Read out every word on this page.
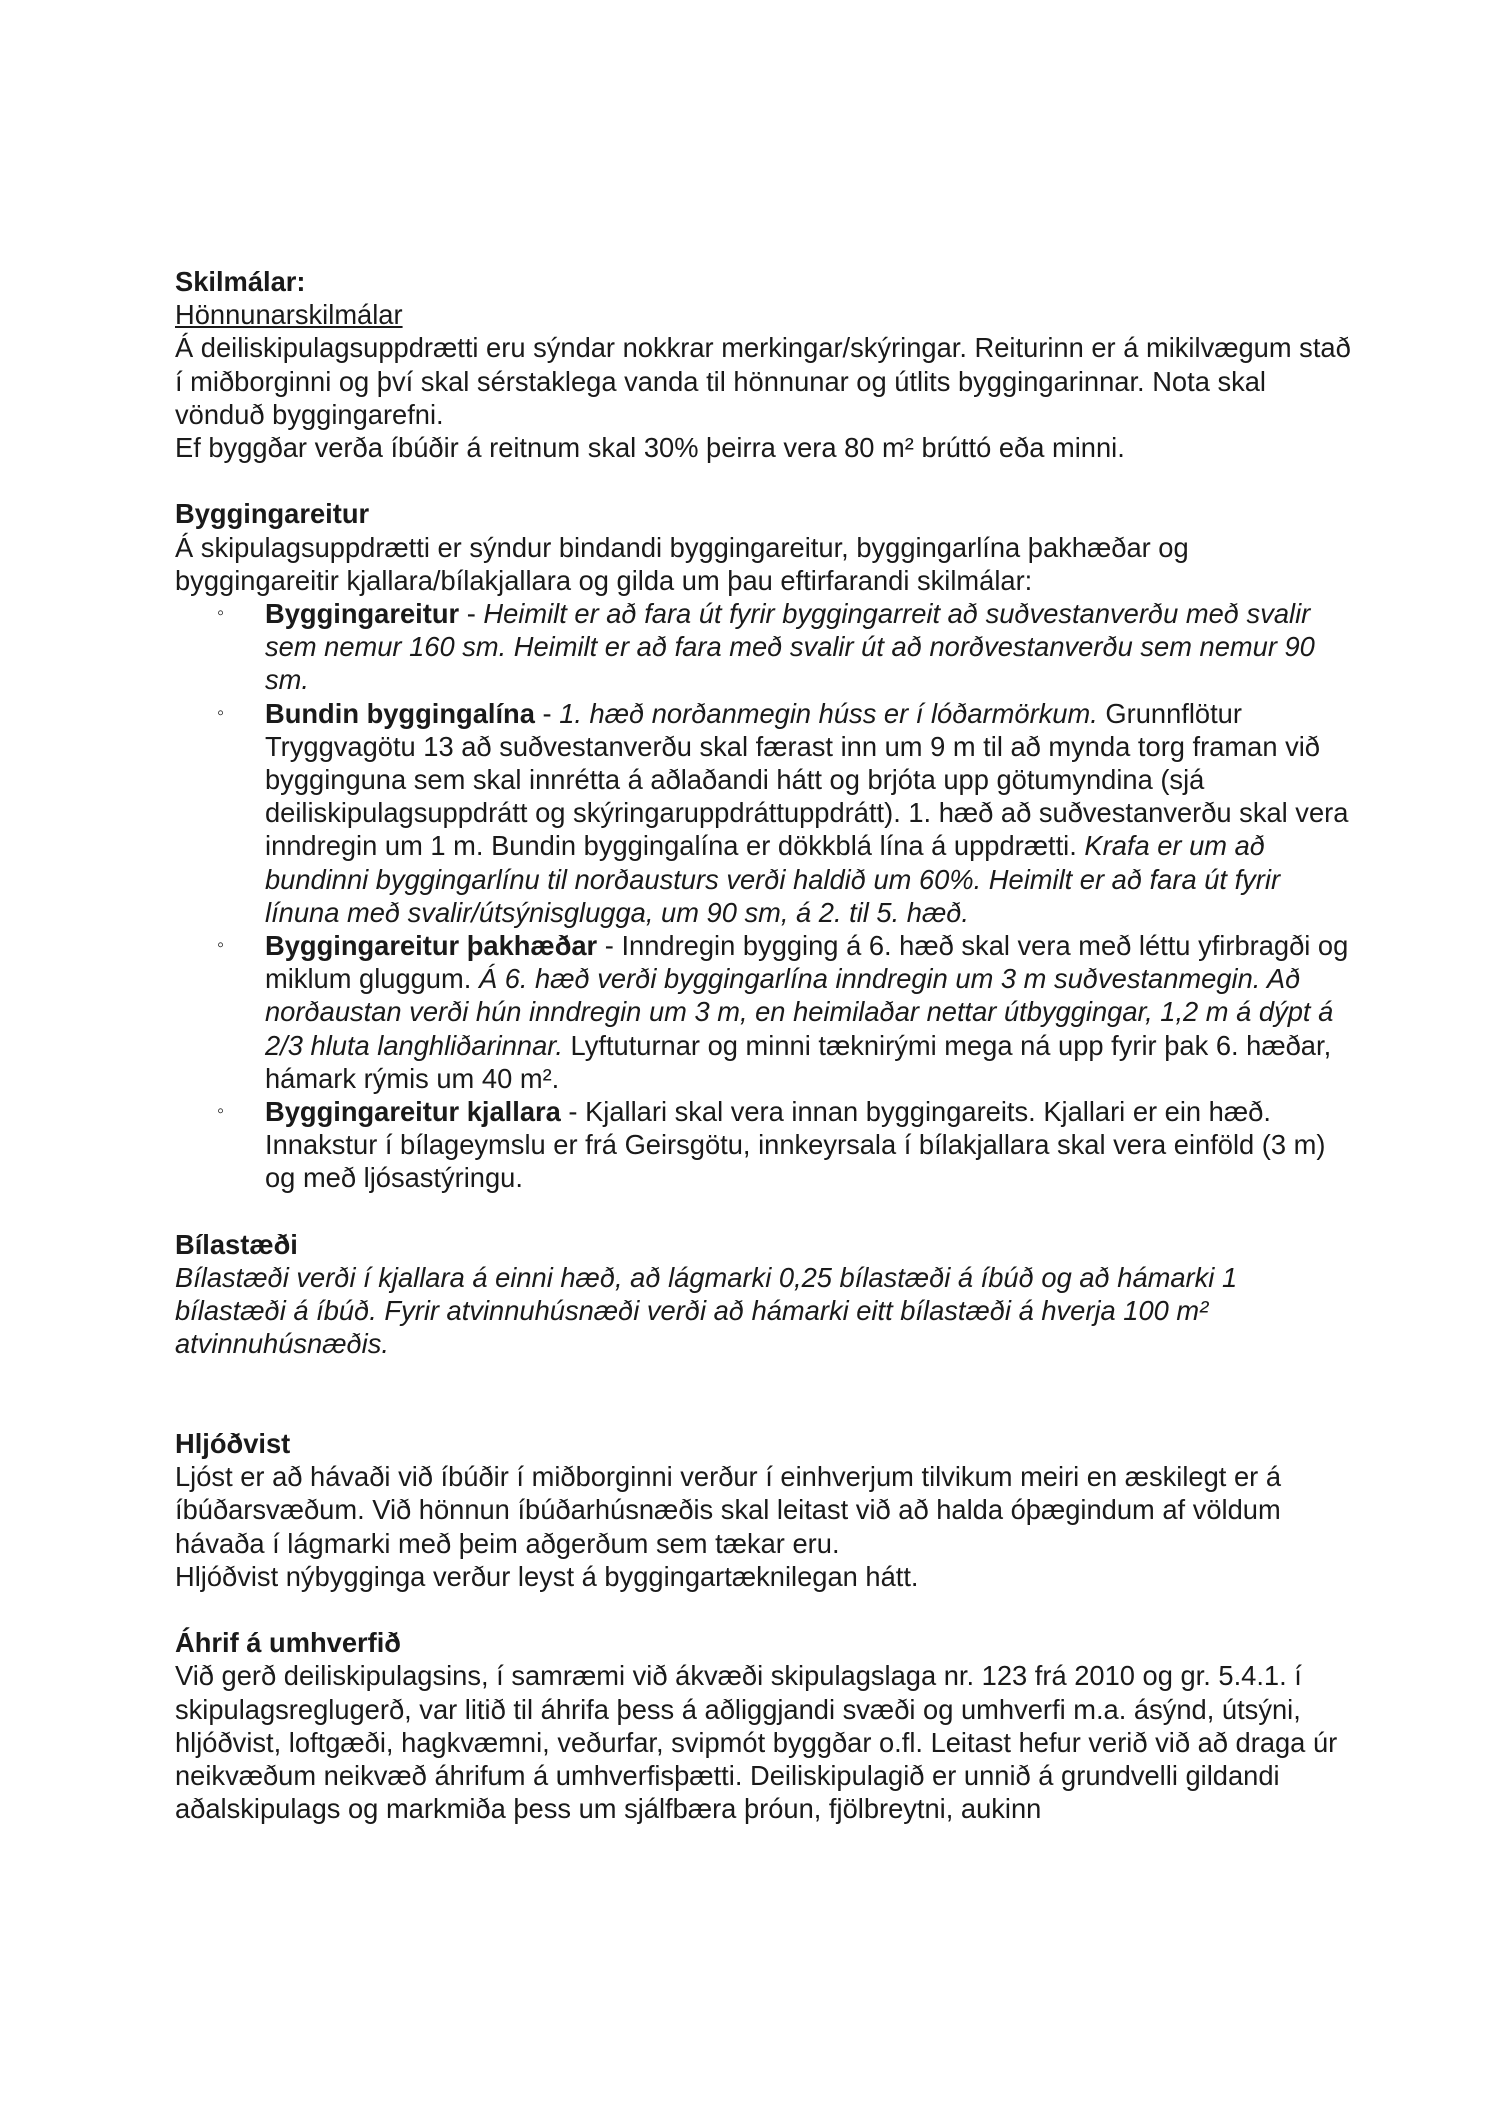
Skilmálar:

Hönnunarskilmálar

Á deiliskipulagsuppdrætti eru sýndar nokkrar merkingar/skýringar. Reiturinn er á mikilvægum stað í miðborginni og því skal sérstaklega vanda til hönnunar og útlits byggingarinnar. Nota skal vönduð byggingarefni.

Ef byggðar verða íbúðir á reitnum skal 30% þeirra vera 80 m² brúttó eða minni.

Byggingareitur

Á skipulagsuppdrætti er sýndur bindandi byggingareitur, byggingarlína þakhæðar og byggingareitir kjallara/bílakjallara og gilda um þau eftirfarandi skilmálar:

◦ Byggingareitur - Heimilt er að fara út fyrir byggingarreit að suðvestanverðu með svalir sem nemur 160 sm. Heimilt er að fara með svalir út að norðvestanverðu sem nemur 90 sm.
◦ Bundin byggingalína - 1. hæð norðanmegin húss er í lóðarmörkum. Grunnflötur Tryggvagötu 13 að suðvestanverðu skal færast inn um 9 m til að mynda torg framan við bygginguna sem skal innrétta á aðlaðandi hátt og brjóta upp götumyndina (sjá deiliskipulagsuppdrátt og skýringaruppdráttuppdrátt). 1. hæð að suðvestanverðu skal vera inndregin um 1 m. Bundin byggingalína er dökkblá lína á uppdrætti. Krafa er um að bundinni byggingarlínu til norðausturs verði haldið um 60%. Heimilt er að fara út fyrir línuna með svalir/útsýnisglugga, um 90 sm, á 2. til 5. hæð.
◦ Byggingareitur þakhæðar - Inndregin bygging á 6. hæð skal vera með léttu yfirbragði og miklum gluggum. Á 6. hæð verði byggingarlína inndregin um 3 m suðvestanmegin. Að norðaustan verði hún inndregin um 3 m, en heimilaðar nettar útbyggingar, 1,2 m á dýpt á 2/3 hluta langhliðarinnar. Lyftuturnar og minni tæknirými mega ná upp fyrir þak 6. hæðar, hámark rýmis um 40 m².
◦ Byggingareitur kjallara - Kjallari skal vera innan byggingareits. Kjallari er ein hæð. Innakstur í bílageymslu er frá Geirsgötu, innkeyrsala í bílakjallara skal vera einföld (3 m) og með ljósastýringu.

Bílastæði

Bílastæði verði í kjallara á einni hæð, að lágmarki 0,25 bílastæði á íbúð og að hámarki 1 bílastæði á íbúð. Fyrir atvinnuhúsnæði verði að hámarki eitt bílastæði á hverja 100 m² atvinnuhúsnæðis.

Hljóðvist

Ljóst er að hávaði við íbúðir í miðborginni verður í einhverjum tilvikum meiri en æskilegt er á íbúðarsvæðum. Við hönnun íbúðarhúsnæðis skal leitast við að halda óþægindum af völdum hávaða í lágmarki með þeim aðgerðum sem tækar eru.

Hljóðvist nýbygginga verður leyst á byggingartæknilegan hátt.

Áhrif á umhverfið

Við gerð deiliskipulagsins, í samræmi við ákvæði skipulagslaga nr. 123 frá 2010 og gr. 5.4.1. í skipulagsreglugerð, var litið til áhrifa þess á aðliggjandi svæði og umhverfi m.a. ásýnd, útsýni, hljóðvist, loftgæði, hagkvæmni, veðurfar, svipmót byggðar o.fl. Leitast hefur verið við að draga úr neikvæðum neikvæð áhrifum á umhverfisþætti. Deiliskipulagið er unnið á grundvelli gildandi aðalskipulags og markmiða þess um sjálfbæra þróun, fjölbreytni, aukinn
